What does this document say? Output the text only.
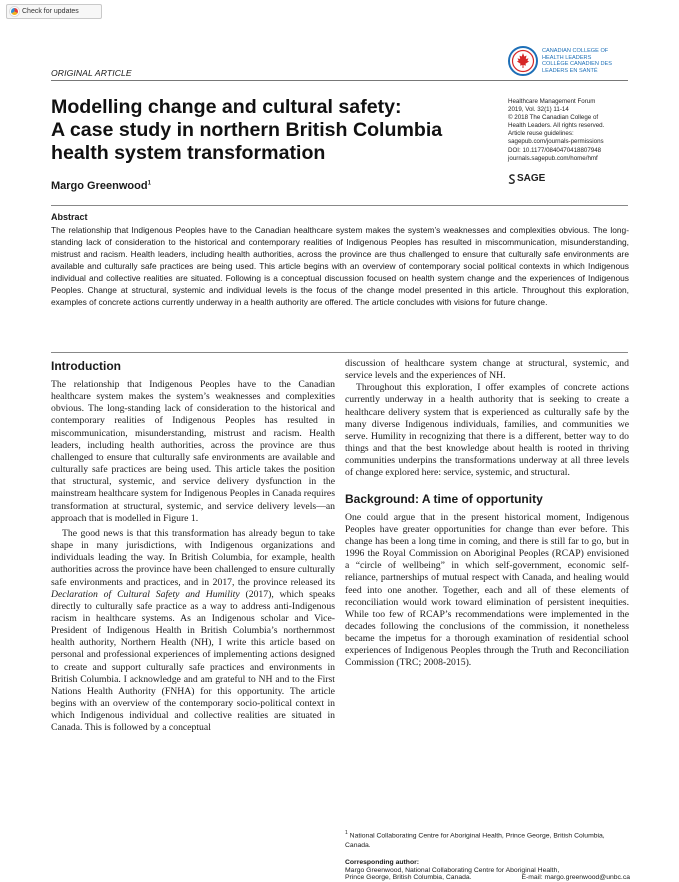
Check for updates
ORIGINAL ARTICLE
CANADIAN COLLEGE OF
HEALTH LEADERS
COLLÈGE CANADIEN DES
LEADERS EN SANTÉ
Modelling change and cultural safety:
A case study in northern British Columbia
health system transformation
Margo Greenwood$^1$
Healthcare Management Forum
2019, Vol. 32(1) 11-14
© 2018 The Canadian College of
Health Leaders. All rights reserved.
Article reuse guidelines:
sagepub.com/journals-permissions
DOI: 10.1177/0840470418807948
journals.sagepub.com/home/hmf
SAGE
Abstract

The relationship that Indigenous Peoples have to the Canadian healthcare system makes the system’s weaknesses and complexities obvious. The long-standing lack of consideration to the historical and contemporary realities of Indigenous Peoples has resulted in miscommunication, misunderstanding, mistrust and racism. Health leaders, including health authorities, across the province are thus challenged to ensure that culturally safe environments are available and culturally safe practices are being used. This article begins with an overview of contemporary social political contexts in which Indigenous individual and collective realities are situated. Following is a conceptual discussion focused on health system change and the experiences of Indigenous Peoples. Change at structural, systemic and individual levels is the focus of the change model presented in this article. Throughout this exploration, examples of concrete actions currently underway in a health authority are offered. The article concludes with visions for future change.

Introduction

The relationship that Indigenous Peoples have to the Canadian healthcare system makes the system’s weaknesses and complexities obvious. The long-standing lack of consideration to the historical and contemporary realities of Indigenous Peoples has resulted in miscommunication, misunderstanding, mistrust and racism. Health leaders, including health authorities, across the province are thus challenged to ensure that culturally safe environments are available and culturally safe practices are being used. This article takes the position that structural, systemic, and service delivery dysfunction in the mainstream healthcare system for Indigenous Peoples in Canada requires transformation at structural, systemic, and service delivery levels—an approach that is modelled in Figure 1.

The good news is that this transformation has already begun to take shape in many jurisdictions, with Indigenous organizations and individuals leading the way. In British Columbia, for example, health authorities across the province have been challenged to ensure culturally safe environments and practices, and in 2017, the province released its Declaration of Cultural Safety and Humility (2017), which speaks directly to culturally safe practice as a way to address anti-Indigenous racism in healthcare systems. As an Indigenous scholar and Vice-President of Indigenous Health in British Columbia’s northernmost health authority, Northern Health (NH), I write this article based on personal and professional experiences of implementing actions designed to create and support culturally safe practices and environments in British Columbia. I acknowledge and am grateful to NH and to the First Nations Health Authority (FNHA) for this opportunity. The article begins with an overview of the contemporary socio-political context in which Indigenous individual and collective realities are situated in Canada. This is followed by a conceptual

discussion of healthcare system change at structural, systemic, and service levels and the experiences of NH.

Throughout this exploration, I offer examples of concrete actions currently underway in a health authority that is seeking to create a healthcare delivery system that is experienced as culturally safe by the many diverse Indigenous individuals, families, and communities we serve. Humility in recognizing that there is a different, better way to do things and that the best knowledge about health is rooted in thriving communities underpins the transformations underway at all three levels of change explored here: service, systemic, and structural.

Background: A time of opportunity

One could argue that in the present historical moment, Indigenous Peoples have greater opportunities for change than ever before. This change has been a long time in coming, and there is still far to go, but in 1996 the Royal Commission on Aboriginal Peoples (RCAP) envisioned a “circle of wellbeing” in which self-government, economic self-reliance, partnerships of mutual respect with Canada, and healing would feed into one another. Together, each and all of these elements of reconciliation would work toward elimination of persistent inequities. While too few of RCAP’s recommendations were implemented in the decades following the conclusions of the commission, it nonetheless became the impetus for a thorough examination of residential school experiences of Indigenous Peoples through the Truth and Reconciliation Commission (TRC; 2008-2015).

$^1$ National Collaborating Centre for Aboriginal Health, Prince George, British Columbia, Canada.
Corresponding author:
Margo Greenwood, National Collaborating Centre for Aboriginal Health,
Prince George, British Columbia, Canada.	E-mail: margo.greenwood@unbc.ca
